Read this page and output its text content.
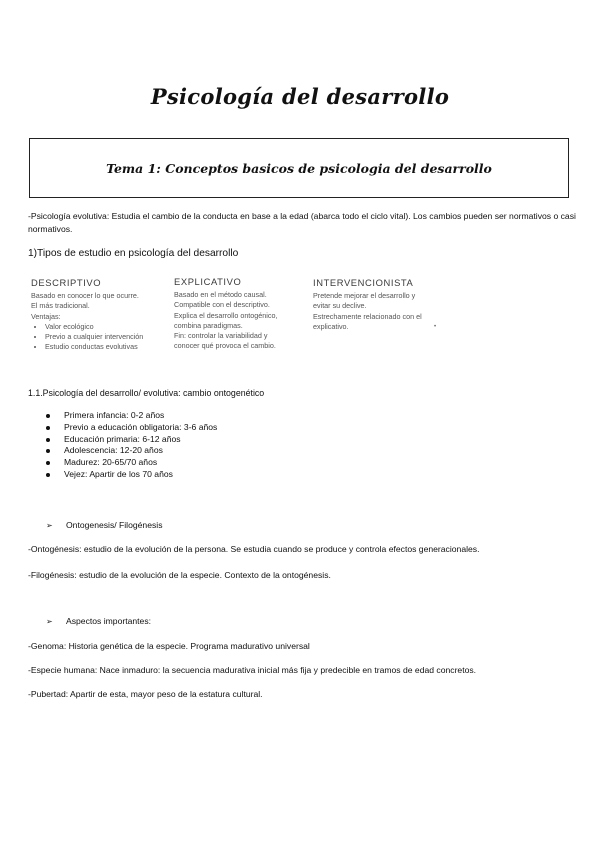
Psicología del desarrollo
Tema 1: Conceptos basicos de psicologia del desarrollo
-Psicología evolutiva: Estudia el cambio de la conducta en base a la edad (abarca todo el ciclo vital). Los cambios pueden ser normativos o casi normativos.
1)Tipos de estudio en psicología del desarrollo
DESCRIPTIVO
Basado en conocer lo que ocurre.
El más tradicional.
Ventajas:
• Valor ecológico
• Previo a cualquier intervención
• Estudio conductas evolutivas
EXPLICATIVO
Basado en el método causal.
Compatible con el descriptivo.
Explica el desarrollo ontogénico,
combina paradigmas.
Fin: controlar la variabilidad y
conocer qué provoca el cambio.
INTERVENCIONISTA
Pretende mejorar el desarrollo y
evitar su declive.
Estrechamente relacionado con el
explicativo.	•
1.1.Psicología del desarrollo/ evolutiva: cambio ontogenético
Primera infancia: 0-2 años
Previo a educación obligatoria: 3-6 años
Educación primaria: 6-12 años
Adolescencia: 12-20 años
Madurez: 20-65/70 años
Vejez: Apartir de los 70 años
➢ Ontogenesis/ Filogénesis
-Ontogénesis: estudio de la evolución de la persona. Se estudia cuando se produce y controla efectos generacionales.
-Filogénesis: estudio de la evolución de la especie. Contexto de la ontogénesis.
➢ Aspectos importantes:
-Genoma: Historia genética de la especie. Programa madurativo universal
-Especie humana: Nace inmaduro: la secuencia madurativa inicial más fija y predecible en tramos de edad concretos.
-Pubertad: Apartir de esta, mayor peso de la estatura cultural.
